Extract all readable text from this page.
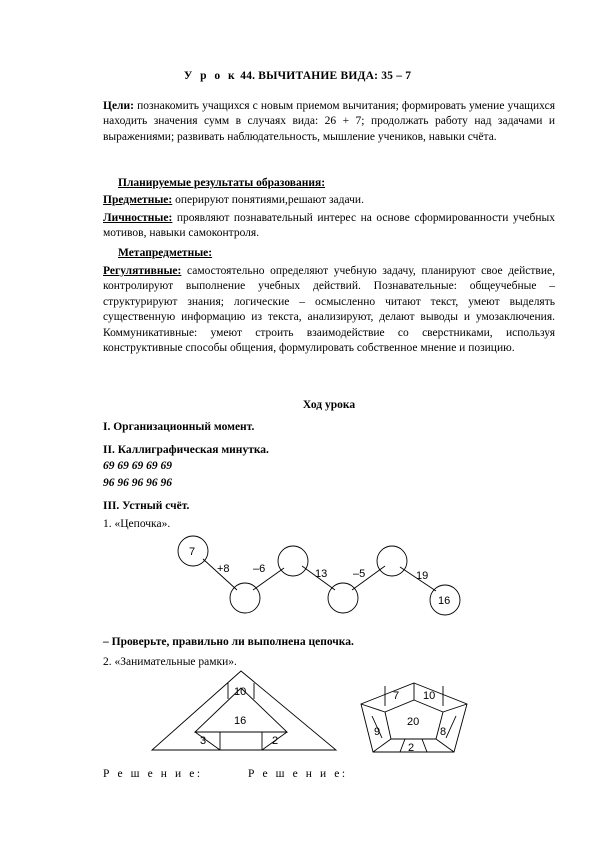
У р о к 44. ВЫЧИТАНИЕ ВИДА: 35 – 7
Цели: познакомить учащихся с новым приемом вычитания; формировать умение учащихся находить значения сумм в случаях вида: 26 + 7; продолжать работу над задачами и выражениями; развивать наблюдательность, мышление учеников, навыки счёта.
Планируемые результаты образования:
Предметные: оперируют понятиями,решают задачи.
Личностные: проявляют познавательный интерес на основе сформированности учебных мотивов, навыки самоконтроля.
Метапредметные:
Регулятивные: самостоятельно определяют учебную задачу, планируют свое действие, контролируют выполнение учебных действий. Познавательные: общеучебные – структурируют знания; логические – осмысленно читают текст, умеют выделять существенную информацию из текста, анализируют, делают выводы и умозаключения. Коммуникативные: умеют строить взаимодействие со сверстниками, используя конструктивные способы общения, формулировать собственное мнение и позицию.
Ход урока
I. Организационный момент.
II. Каллиграфическая минутка.
69 69 69 69 69
96 96 96 96 96
III. Устный счёт.
1. «Цепочка».
7
16
+8 –6	13 –5	19
– Проверьте, правильно ли выполнена цепочка.
2. «Занимательные рамки».
10
16
3	2
7 10
20
9	8
2
Р е ш е н и е:	Р е ш е н и е:
